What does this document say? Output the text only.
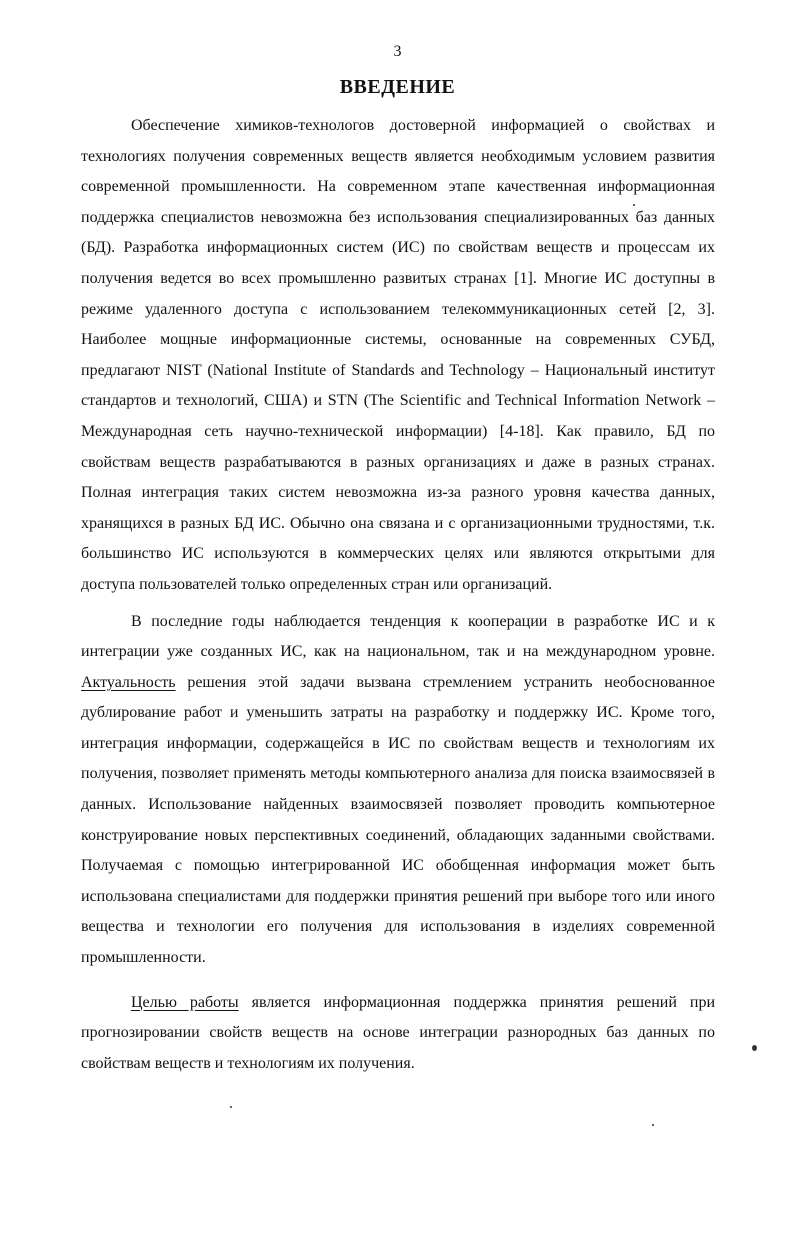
3
ВВЕДЕНИЕ

Обеспечение химиков-технологов достоверной информацией о свойствах и технологиях получения современных веществ является необходимым условием развития современной промышленности. На современном этапе качественная информационная поддержка специалистов невозможна без использования специализированных баз данных (БД). Разработка информационных систем (ИС) по свойствам веществ и процессам их получения ведется во всех промышленно развитых странах [1]. Многие ИС доступны в режиме удаленного доступа с использованием телекоммуникационных сетей [2, 3]. Наиболее мощные информационные системы, основанные на современных СУБД, предлагают NIST (National Institute of Standards and Technology – Национальный институт стандартов и технологий, США) и STN (The Scientific and Technical Information Network – Международная сеть научно-технической информации) [4-18]. Как правило, БД по свойствам веществ разрабатываются в разных организациях и даже в разных странах. Полная интеграция таких систем невозможна из-за разного уровня качества данных, хранящихся в разных БД ИС. Обычно она связана и с организационными трудностями, т.к. большинство ИС используются в коммерческих целях или являются открытыми для доступа пользователей только определенных стран или организаций.

В последние годы наблюдается тенденция к кооперации в разработке ИС и к интеграции уже созданных ИС, как на национальном, так и на международном уровне. Актуальность решения этой задачи вызвана стремлением устранить необоснованное дублирование работ и уменьшить затраты на разработку и поддержку ИС. Кроме того, интеграция информации, содержащейся в ИС по свойствам веществ и технологиям их получения, позволяет применять методы компьютерного анализа для поиска взаимосвязей в данных. Использование найденных взаимосвязей позволяет проводить компьютерное конструирование новых перспективных соединений, обладающих заданными свойствами. Получаемая с помощью интегрированной ИС обобщенная информация может быть использована специалистами для поддержки принятия решений при выборе того или иного вещества и технологии его получения для использования в изделиях современной промышленности.

Целью работы является информационная поддержка принятия решений при прогнозировании свойств веществ на основе интеграции разнородных баз данных по свойствам веществ и технологиям их получения.
